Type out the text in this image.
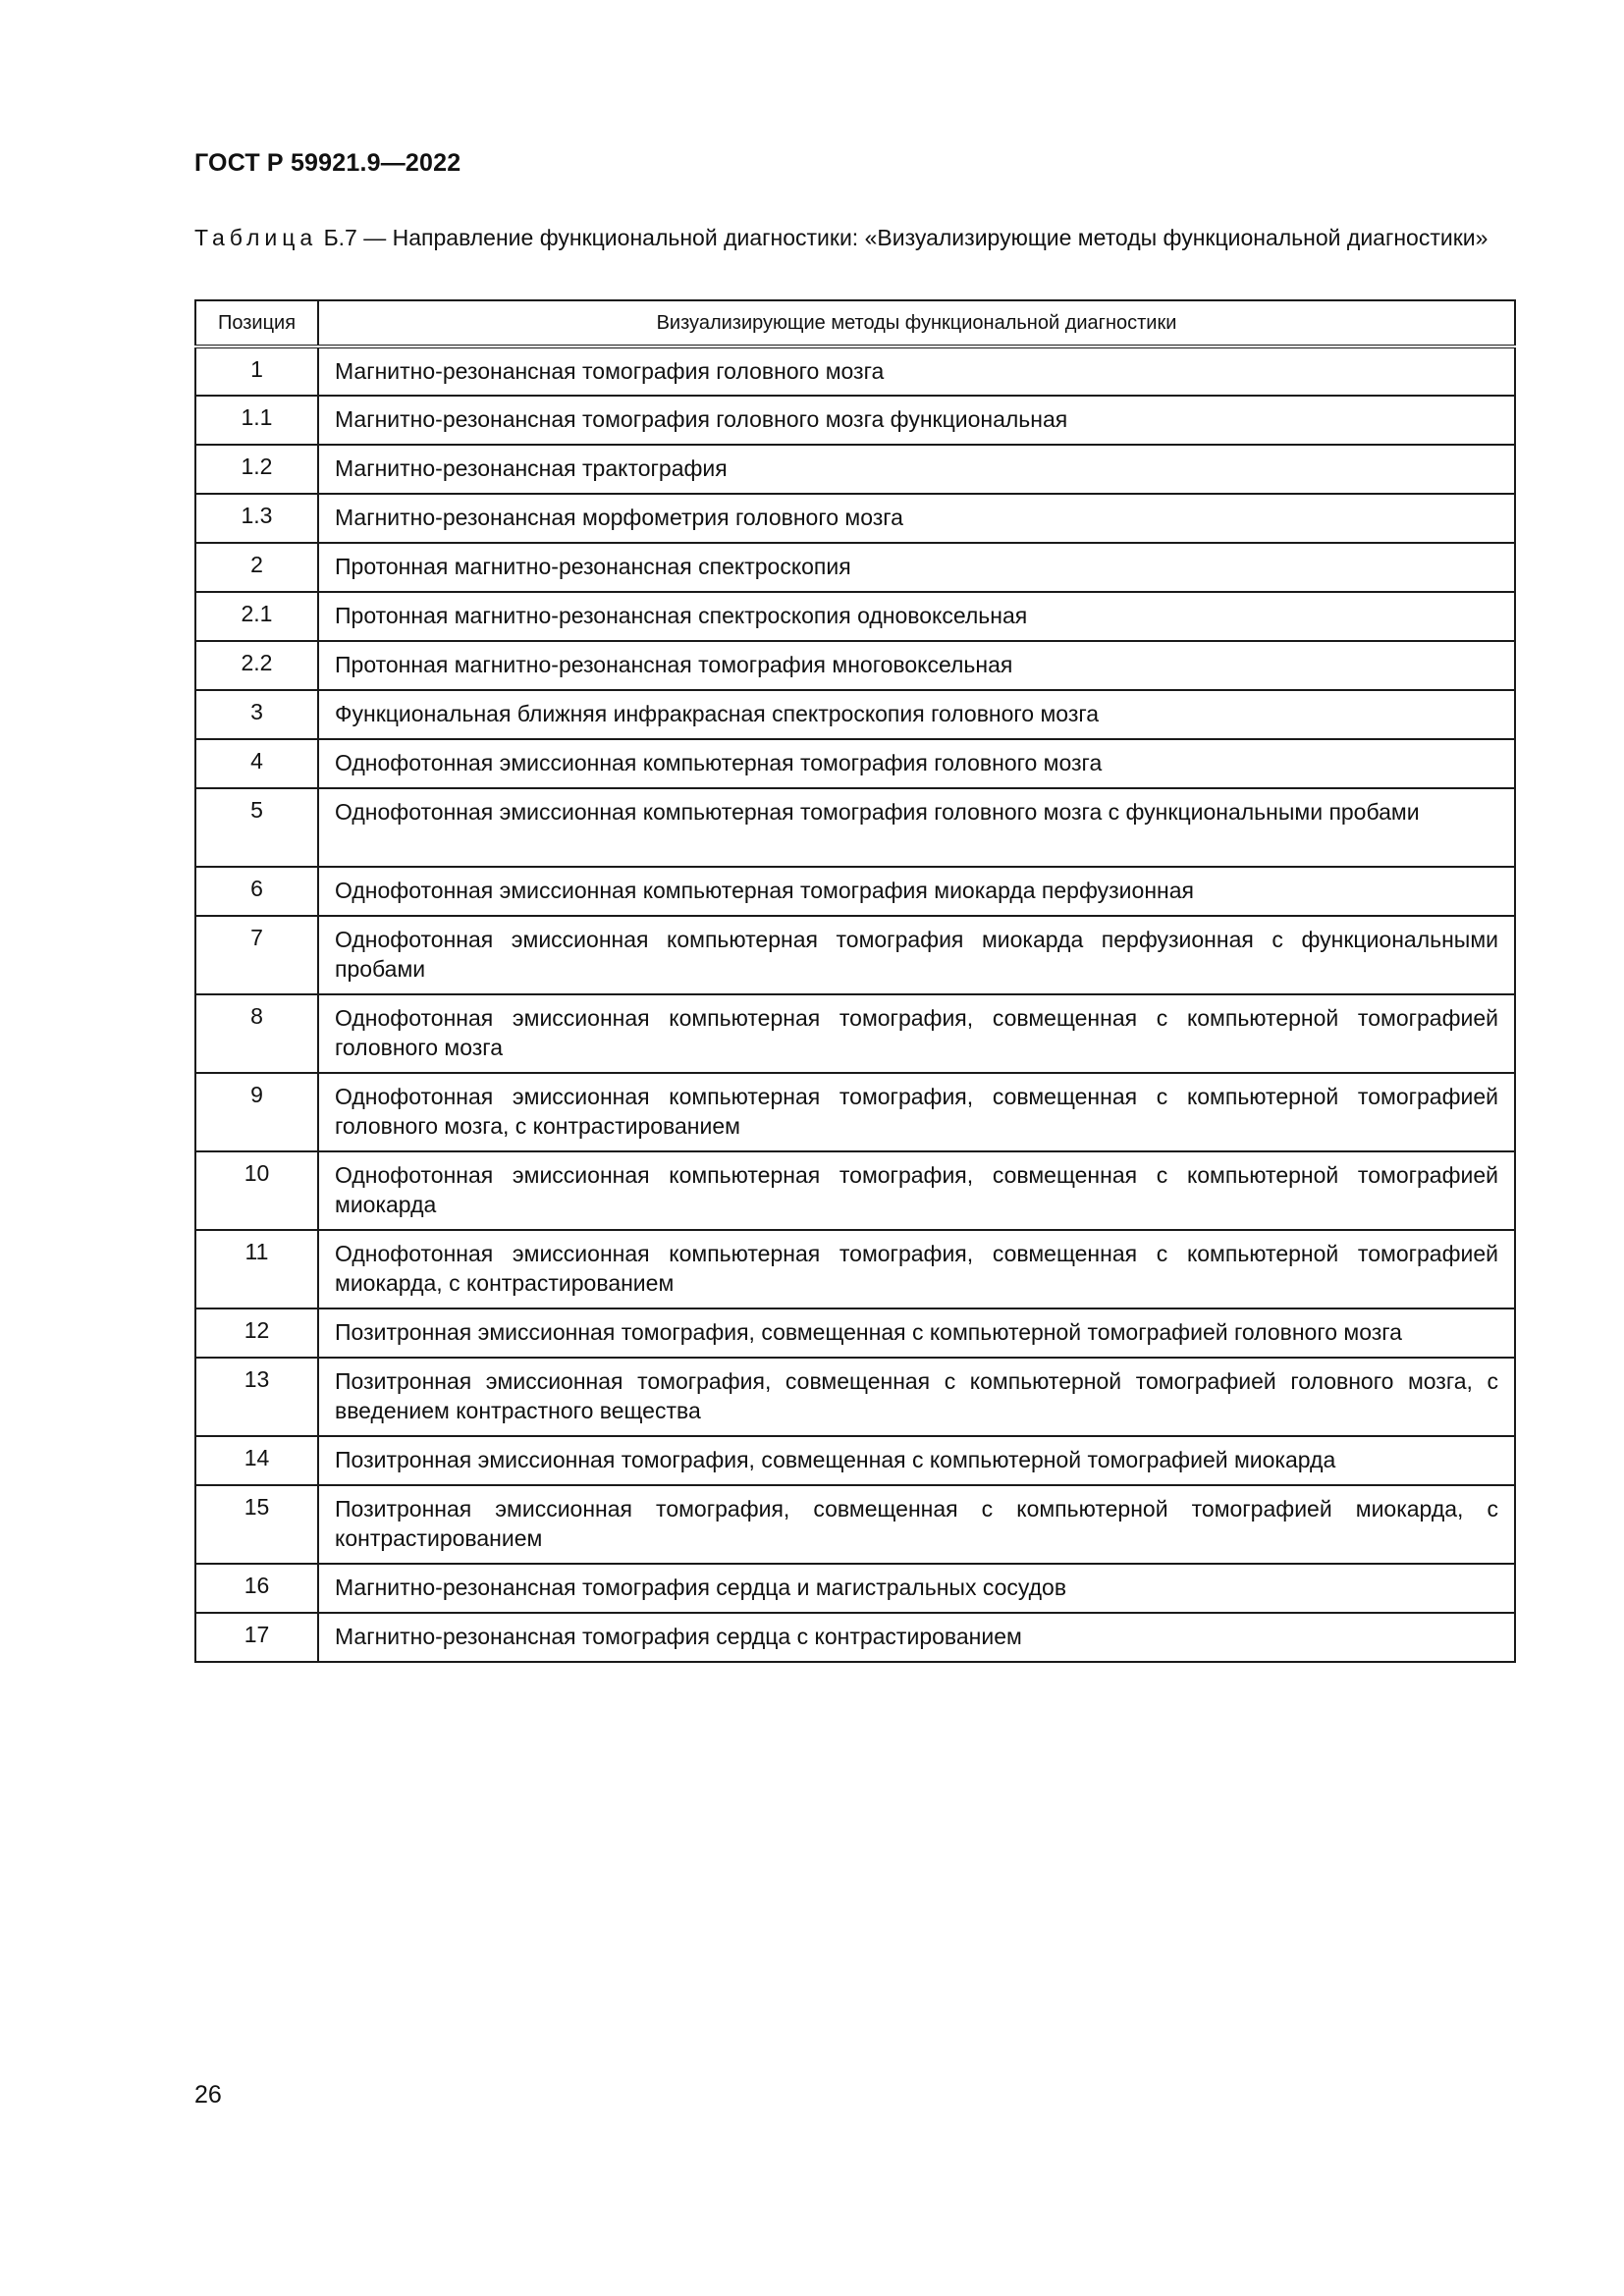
ГОСТ Р 59921.9—2022
Таблица Б.7 — Направление функциональной диагностики: «Визуализирующие методы функциональной диагностики»
Позиция	Визуализирующие методы функциональной диагностики
1	Магнитно-резонансная томография головного мозга
1.1	Магнитно-резонансная томография головного мозга функциональная
1.2	Магнитно-резонансная трактография
1.3	Магнитно-резонансная морфометрия головного мозга
2	Протонная магнитно-резонансная спектроскопия
2.1	Протонная магнитно-резонансная спектроскопия одновоксельная
2.2	Протонная магнитно-резонансная томография многовоксельная
3	Функциональная ближняя инфракрасная спектроскопия головного мозга
4	Однофотонная эмиссионная компьютерная томография головного мозга
5	Однофотонная эмиссионная компьютерная томография головного мозга с функциональными пробами
6	Однофотонная эмиссионная компьютерная томография миокарда перфузионная
7	Однофотонная эмиссионная компьютерная томография миокарда перфузионная с функциональными пробами
8	Однофотонная эмиссионная компьютерная томография, совмещенная с компьютерной томографией головного мозга
9	Однофотонная эмиссионная компьютерная томография, совмещенная с компьютерной томографией головного мозга, с контрастированием
10	Однофотонная эмиссионная компьютерная томография, совмещенная с компьютерной томографией миокарда
11	Однофотонная эмиссионная компьютерная томография, совмещенная с компьютерной томографией миокарда, с контрастированием
12	Позитронная эмиссионная томография, совмещенная с компьютерной томографией головного мозга
13	Позитронная эмиссионная томография, совмещенная с компьютерной томографией головного мозга, с введением контрастного вещества
14	Позитронная эмиссионная томография, совмещенная с компьютерной томографией миокарда
15	Позитронная эмиссионная томография, совмещенная с компьютерной томографией миокарда, с контрастированием
16	Магнитно-резонансная томография сердца и магистральных сосудов
17	Магнитно-резонансная томография сердца с контрастированием
26
